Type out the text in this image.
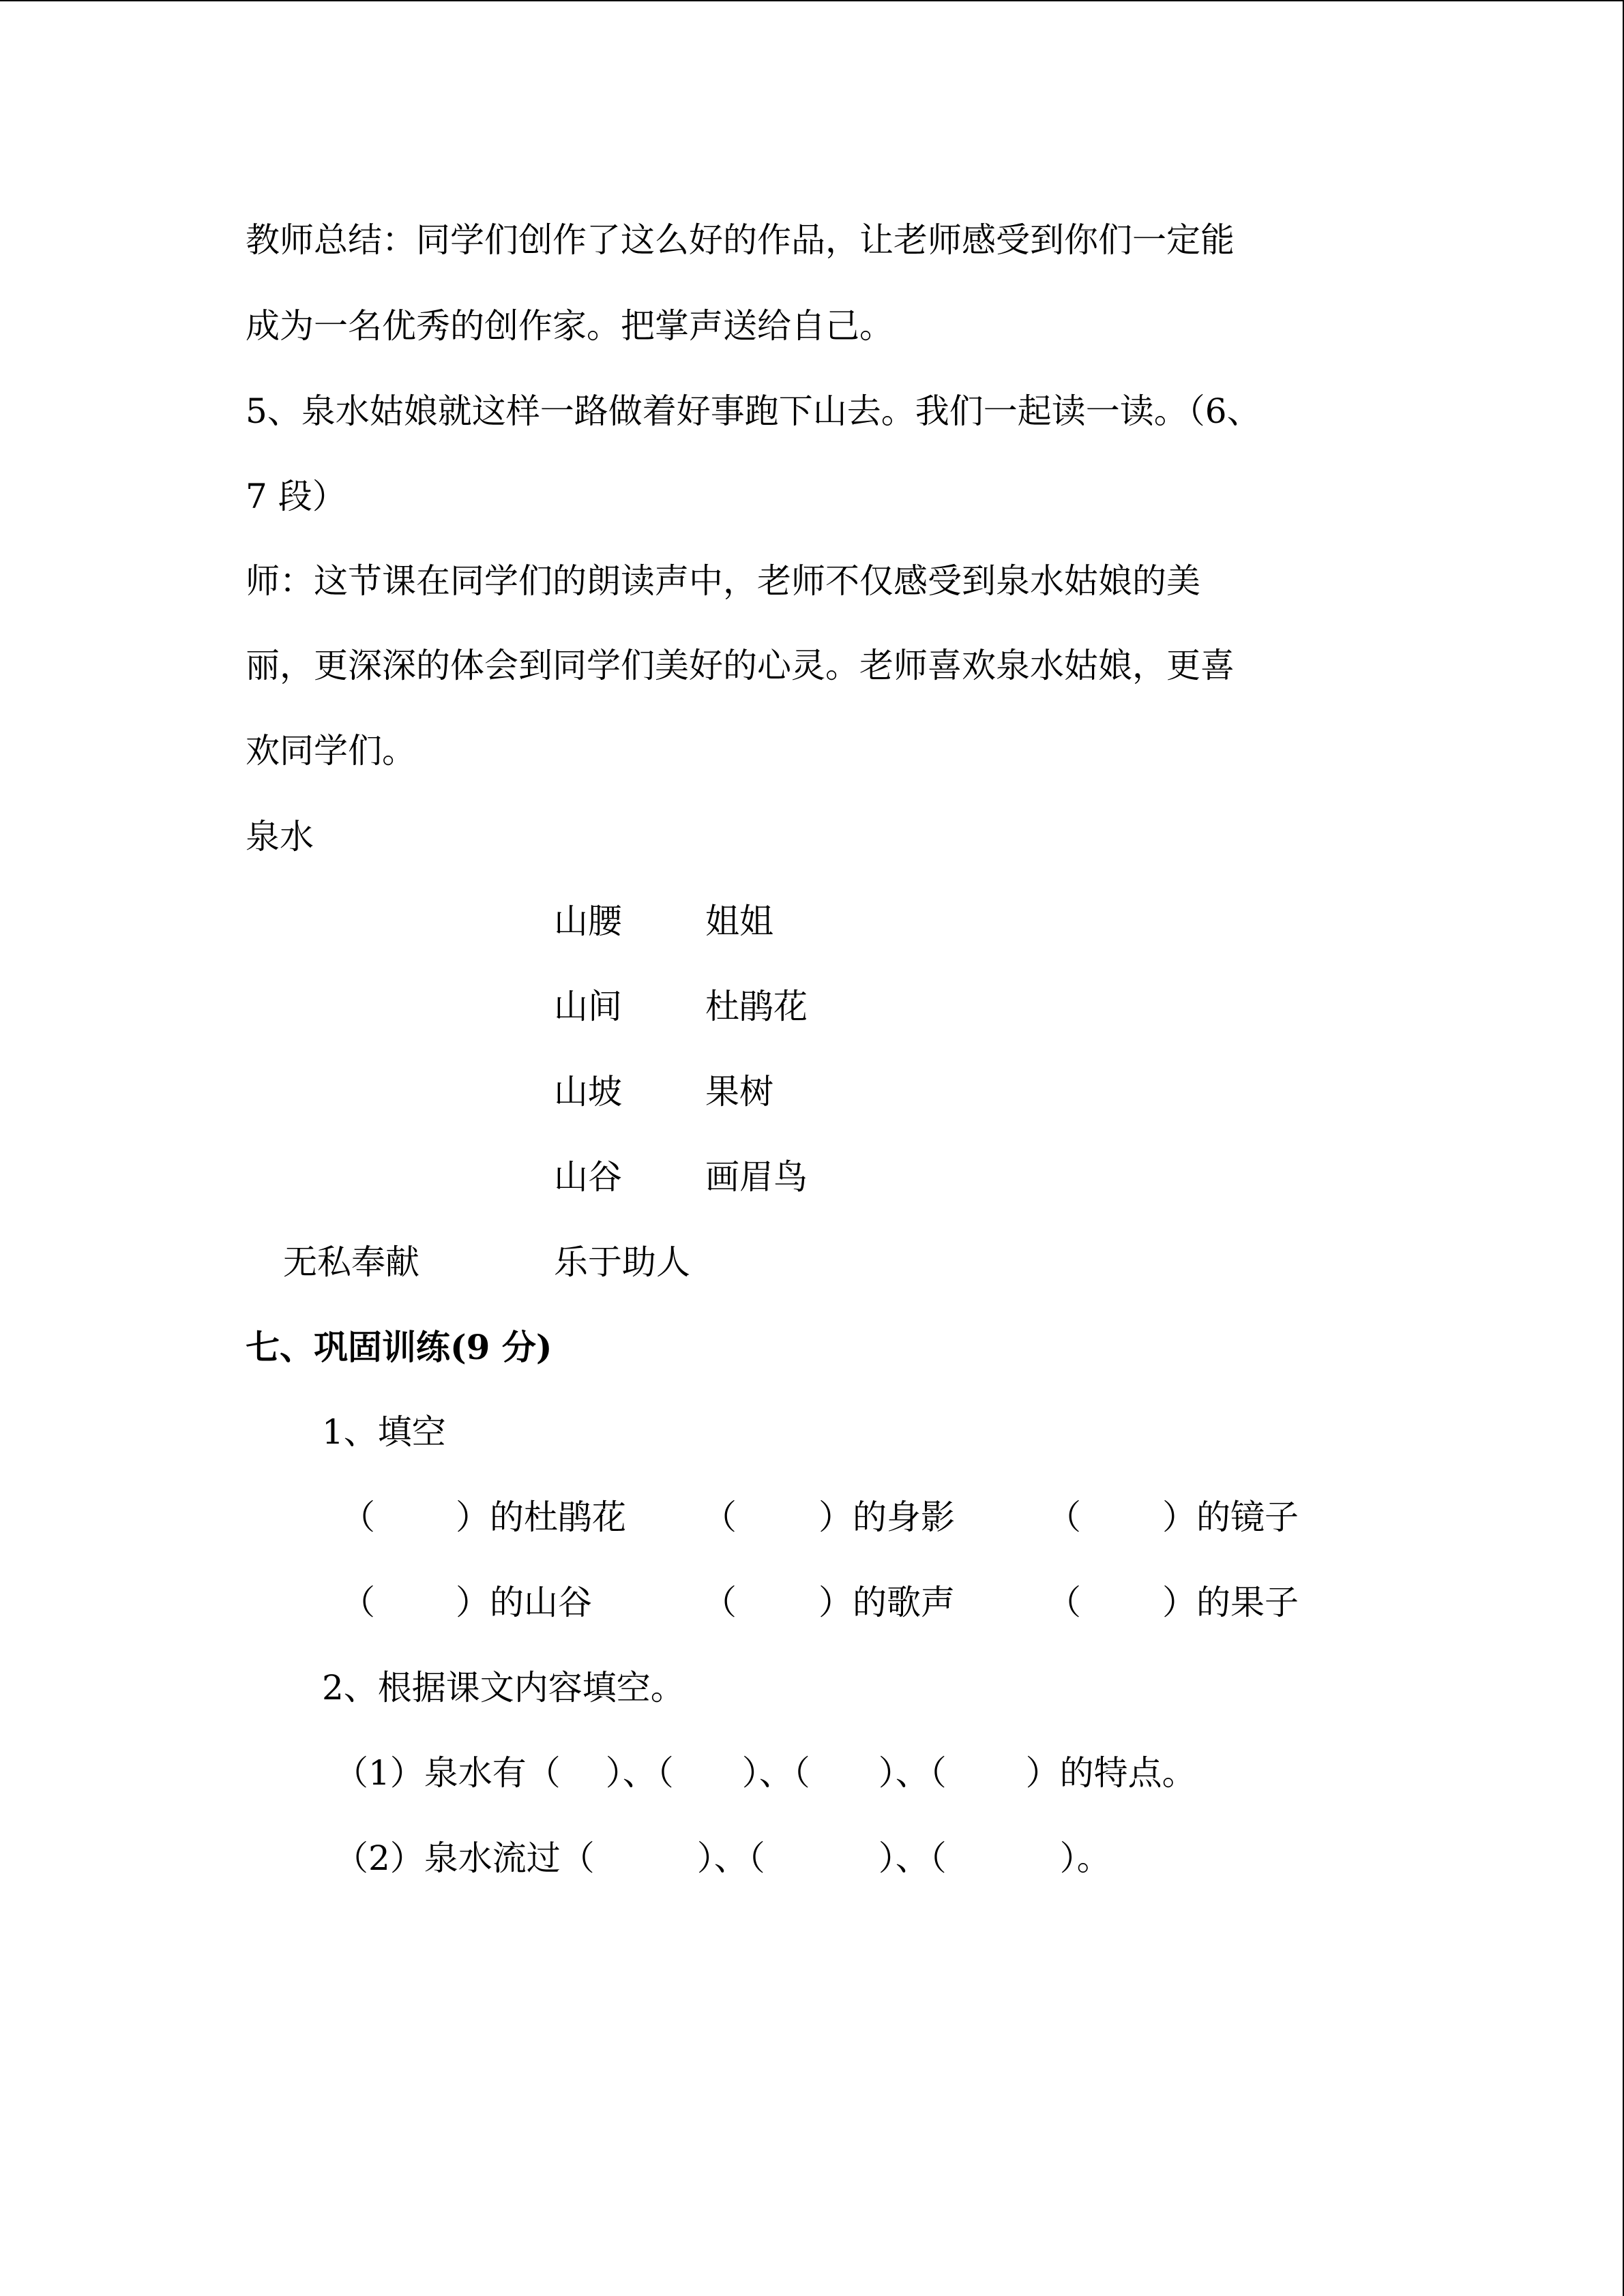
教师总结：同学们创作了这么好的作品，让老师感受到你们一定能
成为一名优秀的创作家。把掌声送给自己。
5、泉水姑娘就这样一路做着好事跑下山去。我们一起读一读。（6、
7 段）
师：这节课在同学们的朗读声中，老师不仅感受到泉水姑娘的美
丽，更深深的体会到同学们美好的心灵。老师喜欢泉水姑娘，更喜
欢同学们。
泉水
山腰 姐姐
山间 杜鹃花
山坡 果树
山谷 画眉鸟
无私奉献	乐于助人
七、巩固训练(9 分)
1、填空
（ ）的杜鹃花 （ ）的身影	（ ）的镜子
（ ）的山谷	（ ）的歌声	（ ）的果子
2、根据课文内容填空。
（1）泉水有（　 ）、（　　）、（　　）、（　　 ）的特点。
（2）泉水流过（　　　）、（　　　 ）、（　　　 ）。
